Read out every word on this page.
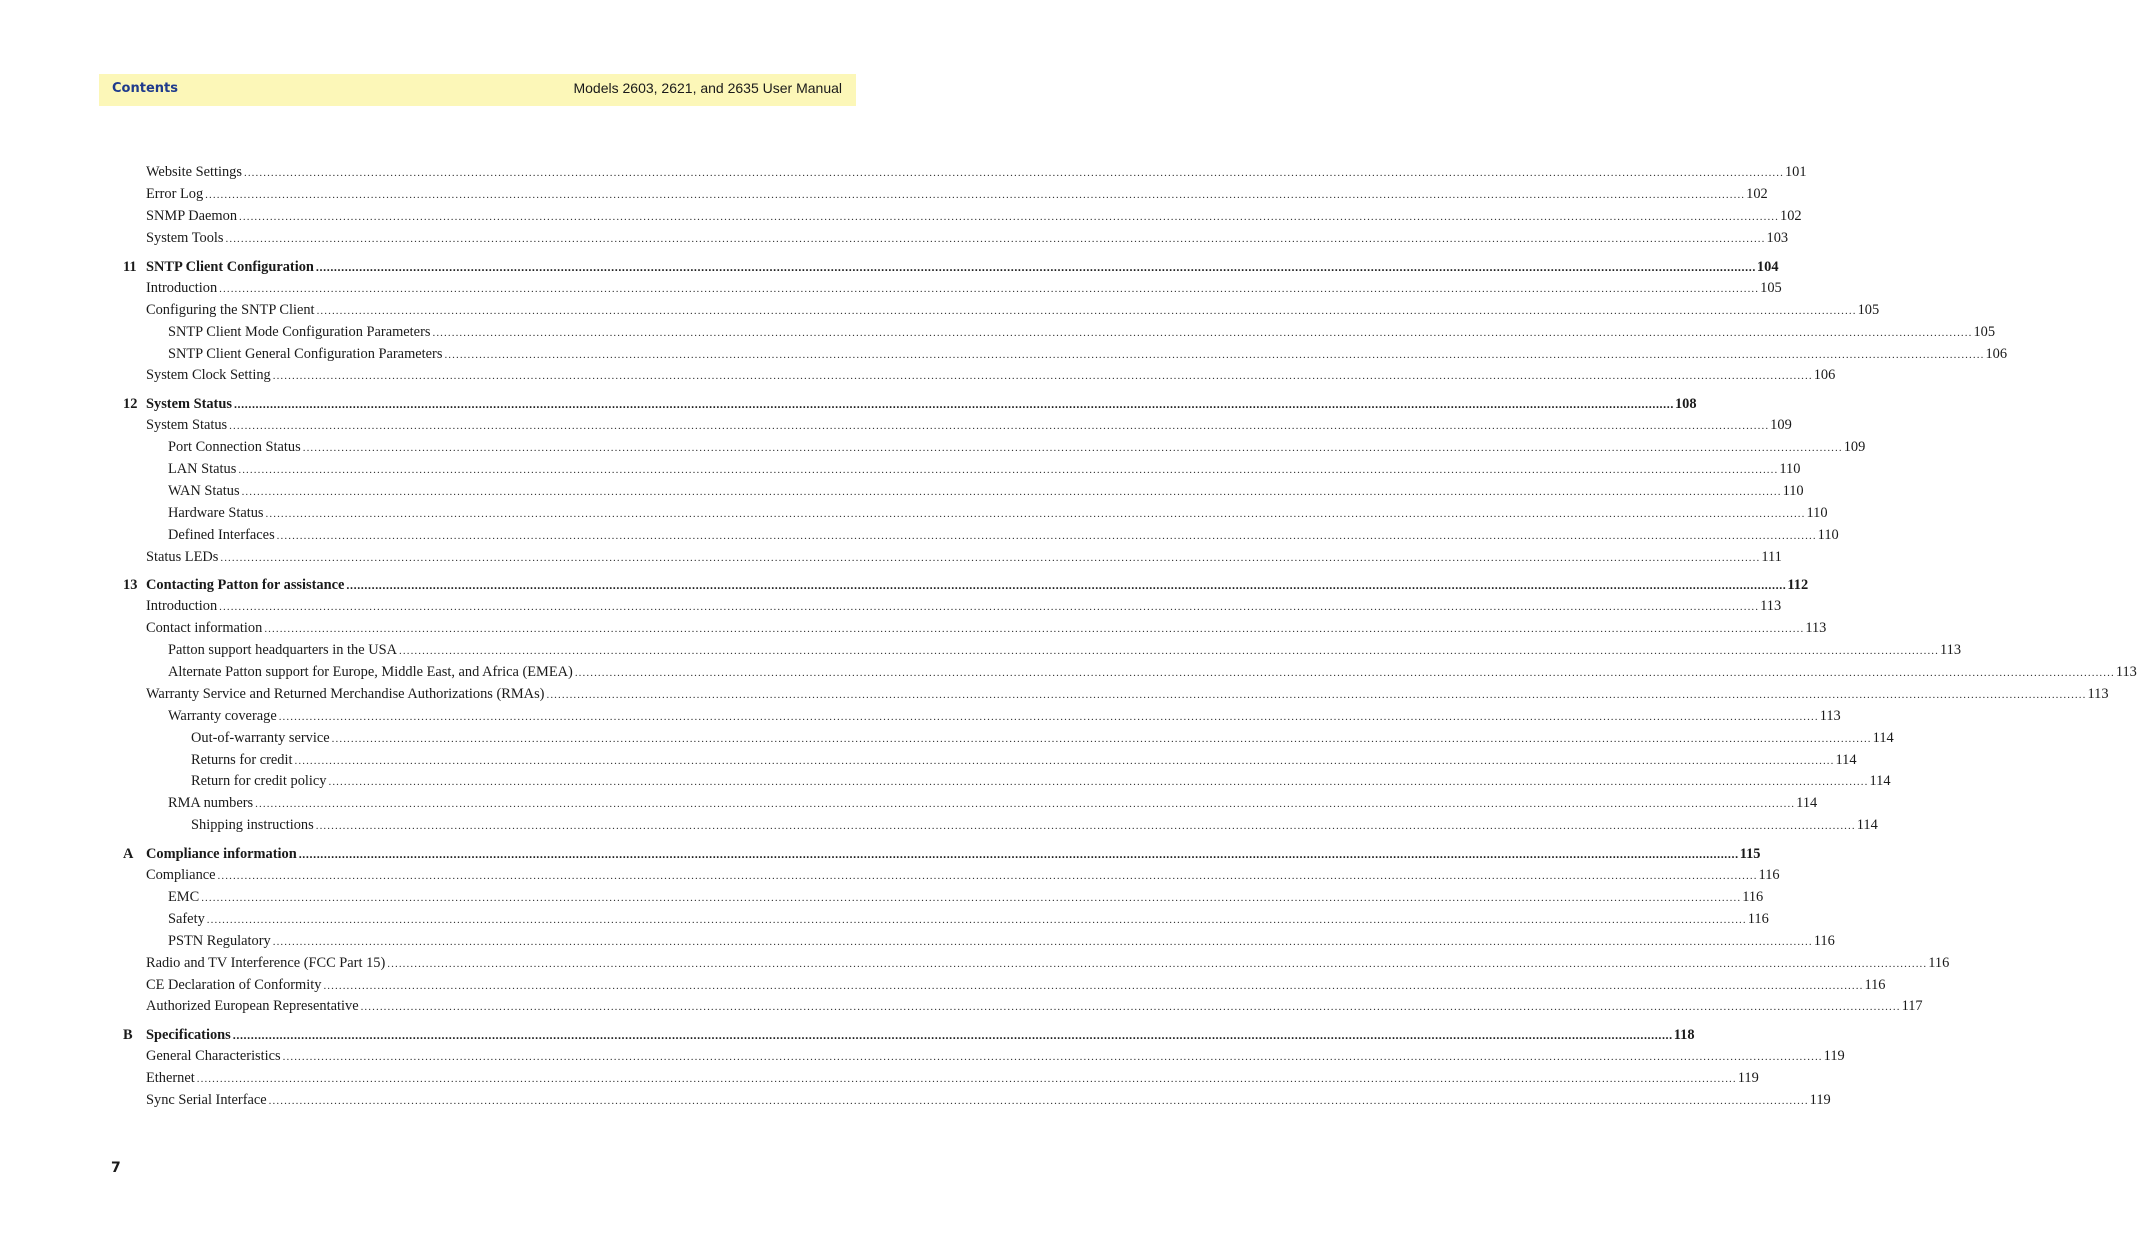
Contents	Models 2603, 2621, and 2635 User Manual
Website Settings ................................................................................................................................................................................................................................................................................................................................................................................................................ 101
Error Log ................................................................................................................................................................................................................................................................................................................................................................................................................ 102
SNMP Daemon ................................................................................................................................................................................................................................................................................................................................................................................................................ 102
System Tools ................................................................................................................................................................................................................................................................................................................................................................................................................ 103
11 SNTP Client Configuration ................................................................................................................................................................................................................................................................................................................................................................................................................ 104
Introduction ................................................................................................................................................................................................................................................................................................................................................................................................................ 105
Configuring the SNTP Client ................................................................................................................................................................................................................................................................................................................................................................................................................ 105
SNTP Client Mode Configuration Parameters ................................................................................................................................................................................................................................................................................................................................................................................................................ 105
SNTP Client General Configuration Parameters ................................................................................................................................................................................................................................................................................................................................................................................................................ 106
System Clock Setting ................................................................................................................................................................................................................................................................................................................................................................................................................ 106
12 System Status ................................................................................................................................................................................................................................................................................................................................................................................................................ 108
System Status ................................................................................................................................................................................................................................................................................................................................................................................................................ 109
Port Connection Status ................................................................................................................................................................................................................................................................................................................................................................................................................ 109
LAN Status ................................................................................................................................................................................................................................................................................................................................................................................................................ 110
WAN Status ................................................................................................................................................................................................................................................................................................................................................................................................................ 110
Hardware Status ................................................................................................................................................................................................................................................................................................................................................................................................................ 110
Defined Interfaces ................................................................................................................................................................................................................................................................................................................................................................................................................ 110
Status LEDs ................................................................................................................................................................................................................................................................................................................................................................................................................ 111
13 Contacting Patton for assistance ................................................................................................................................................................................................................................................................................................................................................................................................................ 112
Introduction ................................................................................................................................................................................................................................................................................................................................................................................................................ 113
Contact information ................................................................................................................................................................................................................................................................................................................................................................................................................ 113
Patton support headquarters in the USA ................................................................................................................................................................................................................................................................................................................................................................................................................ 113
Alternate Patton support for Europe, Middle East, and Africa (EMEA) ................................................................................................................................................................................................................................................................................................................................................................................................................ 113
Warranty Service and Returned Merchandise Authorizations (RMAs) ................................................................................................................................................................................................................................................................................................................................................................................................................ 113
Warranty coverage ................................................................................................................................................................................................................................................................................................................................................................................................................ 113
Out-of-warranty service ................................................................................................................................................................................................................................................................................................................................................................................................................ 114
Returns for credit ................................................................................................................................................................................................................................................................................................................................................................................................................ 114
Return for credit policy ................................................................................................................................................................................................................................................................................................................................................................................................................ 114
RMA numbers ................................................................................................................................................................................................................................................................................................................................................................................................................ 114
Shipping instructions ................................................................................................................................................................................................................................................................................................................................................................................................................ 114
A Compliance information ................................................................................................................................................................................................................................................................................................................................................................................................................ 115
Compliance ................................................................................................................................................................................................................................................................................................................................................................................................................ 116
EMC ................................................................................................................................................................................................................................................................................................................................................................................................................ 116
Safety ................................................................................................................................................................................................................................................................................................................................................................................................................ 116
PSTN Regulatory ................................................................................................................................................................................................................................................................................................................................................................................................................ 116
Radio and TV Interference (FCC Part 15) ................................................................................................................................................................................................................................................................................................................................................................................................................ 116
CE Declaration of Conformity ................................................................................................................................................................................................................................................................................................................................................................................................................ 116
Authorized European Representative ................................................................................................................................................................................................................................................................................................................................................................................................................ 117
B Specifications ................................................................................................................................................................................................................................................................................................................................................................................................................ 118
General Characteristics ................................................................................................................................................................................................................................................................................................................................................................................................................ 119
Ethernet ................................................................................................................................................................................................................................................................................................................................................................................................................ 119
Sync Serial Interface ................................................................................................................................................................................................................................................................................................................................................................................................................ 119
7
